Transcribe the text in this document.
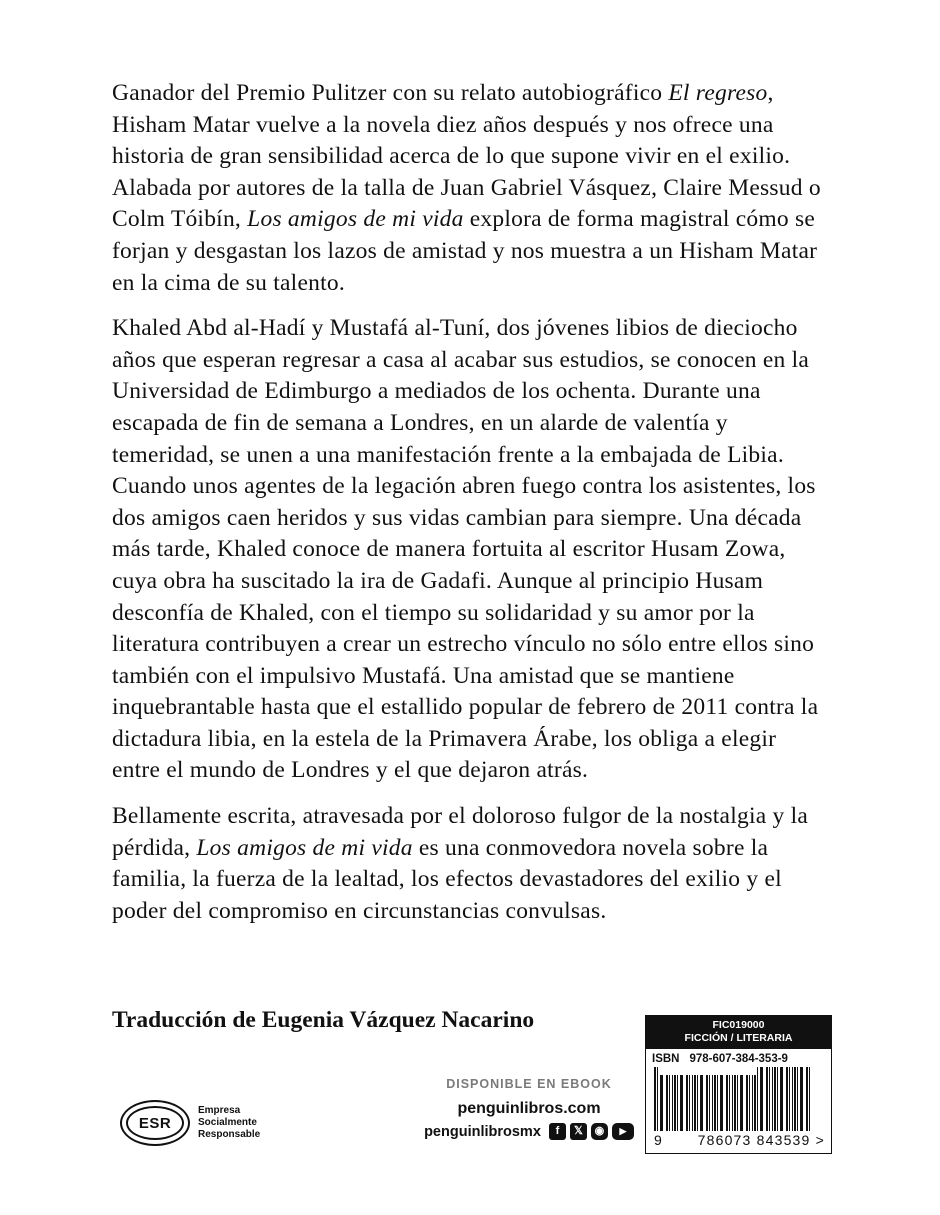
Ganador del Premio Pulitzer con su relato autobiográfico El regreso, Hisham Matar vuelve a la novela diez años después y nos ofrece una historia de gran sensibilidad acerca de lo que supone vivir en el exilio. Alabada por autores de la talla de Juan Gabriel Vásquez, Claire Messud o Colm Tóibín, Los amigos de mi vida explora de forma magistral cómo se forjan y desgastan los lazos de amistad y nos muestra a un Hisham Matar en la cima de su talento.

Khaled Abd al-Hadí y Mustafá al-Tuní, dos jóvenes libios de dieciocho años que esperan regresar a casa al acabar sus estudios, se conocen en la Universidad de Edimburgo a mediados de los ochenta. Durante una escapada de fin de semana a Londres, en un alarde de valentía y temeridad, se unen a una manifestación frente a la embajada de Libia. Cuando unos agentes de la legación abren fuego contra los asistentes, los dos amigos caen heridos y sus vidas cambian para siempre. Una década más tarde, Khaled conoce de manera fortuita al escritor Husam Zowa, cuya obra ha suscitado la ira de Gadafi. Aunque al principio Husam desconfía de Khaled, con el tiempo su solidaridad y su amor por la literatura contribuyen a crear un estrecho vínculo no sólo entre ellos sino también con el impulsivo Mustafá. Una amistad que se mantiene inquebrantable hasta que el estallido popular de febrero de 2011 contra la dictadura libia, en la estela de la Primavera Árabe, los obliga a elegir entre el mundo de Londres y el que dejaron atrás.

Bellamente escrita, atravesada por el doloroso fulgor de la nostalgia y la pérdida, Los amigos de mi vida es una conmovedora novela sobre la familia, la fuerza de la lealtad, los efectos devastadores del exilio y el poder del compromiso en circunstancias convulsas.

Traducción de Eugenia Vázquez Nacarino
ESR
Empresa
Socialmente
Responsable
DISPONIBLE EN EBOOK
penguinlibros.com
penguinlibrosmx	f	𝕏	◉	▶
FIC019000
FICCIÓN / LITERARIA
ISBN 978-607-384-353-9
9 786073 843539 >
